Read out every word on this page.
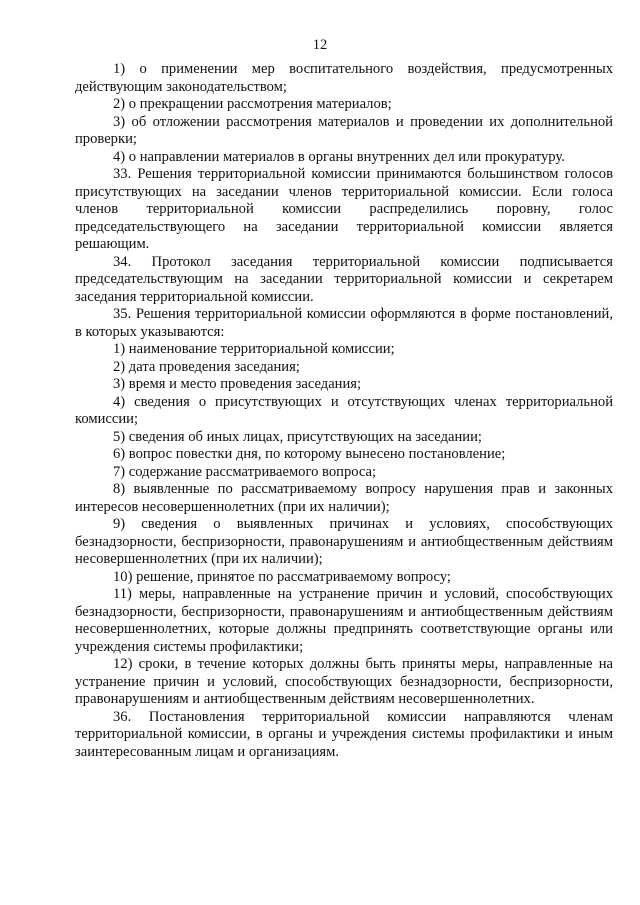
12

1) о применении мер воспитательного воздействия, предусмотренных действующим законодательством;

2) о прекращении рассмотрения материалов;

3) об отложении рассмотрения материалов и проведении их дополнительной проверки;

4) о направлении материалов в органы внутренних дел или прокуратуру.

33. Решения территориальной комиссии принимаются большинством голосов присутствующих на заседании членов территориальной комиссии. Если голоса членов территориальной комиссии распределились поровну, голос председательствующего на заседании территориальной комиссии является решающим.

34. Протокол заседания территориальной комиссии подписывается председательствующим на заседании территориальной комиссии и секретарем заседания территориальной комиссии.

35. Решения территориальной комиссии оформляются в форме постановлений, в которых указываются:

1) наименование территориальной комиссии;

2) дата проведения заседания;

3) время и место проведения заседания;

4) сведения о присутствующих и отсутствующих членах территориальной комиссии;

5) сведения об иных лицах, присутствующих на заседании;

6) вопрос повестки дня, по которому вынесено постановление;

7) содержание рассматриваемого вопроса;

8) выявленные по рассматриваемому вопросу нарушения прав и законных интересов несовершеннолетних (при их наличии);

9) сведения о выявленных причинах и условиях, способствующих безнадзорности, беспризорности, правонарушениям и антиобщественным действиям несовершеннолетних (при их наличии);

10) решение, принятое по рассматриваемому вопросу;

11) меры, направленные на устранение причин и условий, способствующих безнадзорности, беспризорности, правонарушениям и антиобщественным действиям несовершеннолетних, которые должны предпринять соответствующие органы или учреждения системы профилактики;

12) сроки, в течение которых должны быть приняты меры, направленные на устранение причин и условий, способствующих безнадзорности, беспризорности, правонарушениям и антиобщественным действиям несовершеннолетних.

36. Постановления территориальной комиссии направляются членам территориальной комиссии, в органы и учреждения системы профилактики и иным заинтересованным лицам и организациям.
